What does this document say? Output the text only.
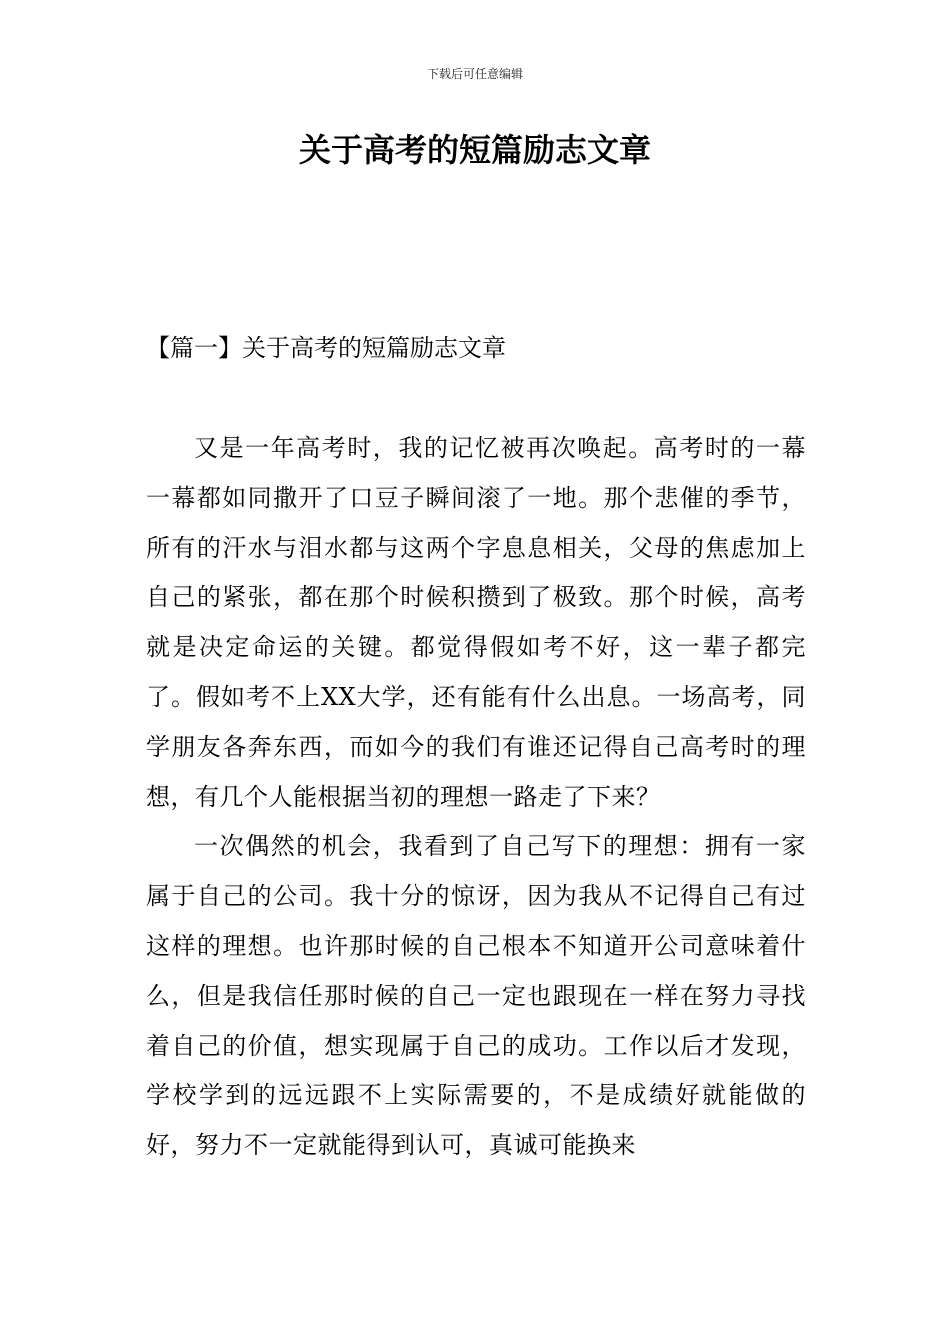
下载后可任意编辑
关于高考的短篇励志文章
【篇一】关于高考的短篇励志文章

又是一年高考时，我的记忆被再次唤起。高考时的一幕一幕都如同撒开了口豆子瞬间滚了一地。那个悲催的季节，所有的汗水与泪水都与这两个字息息相关，父母的焦虑加上自己的紧张，都在那个时候积攒到了极致。那个时候，高考就是决定命运的关键。都觉得假如考不好，这一辈子都完了。假如考不上XX大学，还有能有什么出息。一场高考，同学朋友各奔东西，而如今的我们有谁还记得自己高考时的理想，有几个人能根据当初的理想一路走了下来？

一次偶然的机会，我看到了自己写下的理想：拥有一家属于自己的公司。我十分的惊讶，因为我从不记得自己有过这样的理想。也许那时候的自己根本不知道开公司意味着什么，但是我信任那时候的自己一定也跟现在一样在努力寻找着自己的价值，想实现属于自己的成功。工作以后才发现，学校学到的远远跟不上实际需要的，不是成绩好就能做的好，努力不一定就能得到认可，真诚可能换来
